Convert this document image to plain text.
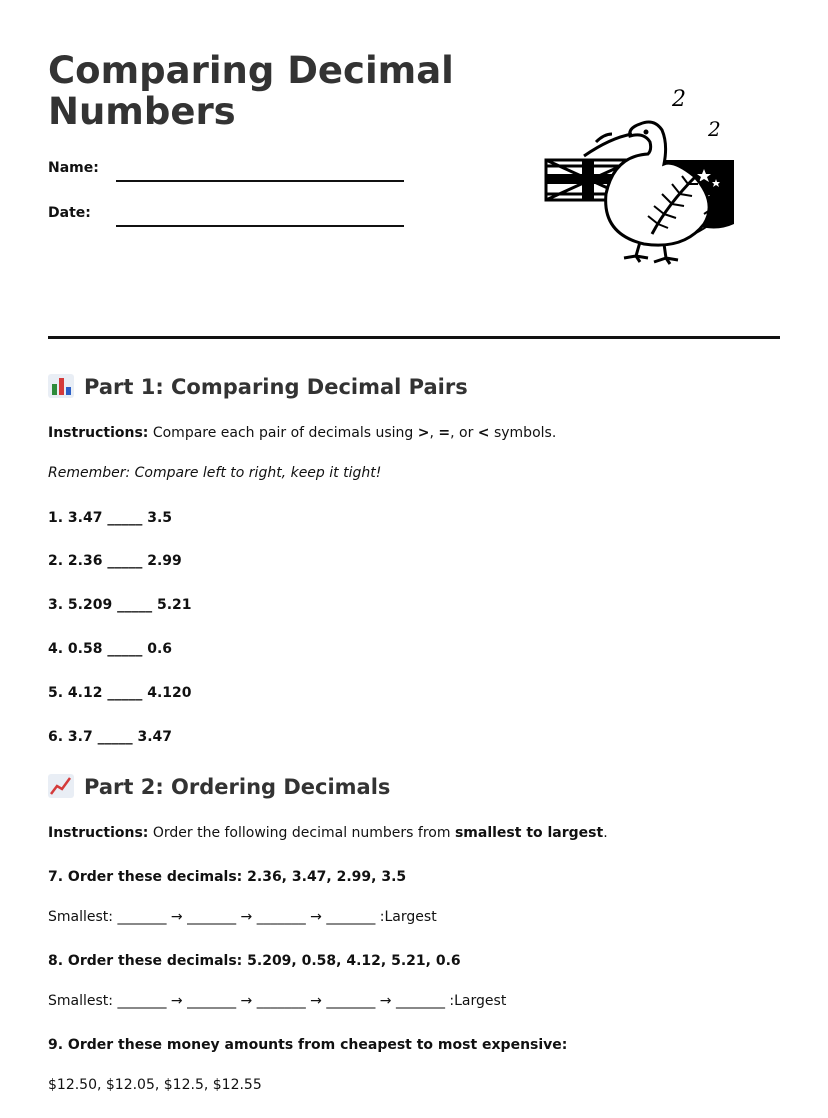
Comparing Decimal Numbers
Name:
Date:
2
2
Part 1: Comparing Decimal Pairs
Instructions: Compare each pair of decimals using >, =, or < symbols.
Remember: Compare left to right, keep it tight!
1. 3.47 _____ 3.5
2. 2.36 _____ 2.99
3. 5.209 _____ 5.21
4. 0.58 _____ 0.6
5. 4.12 _____ 4.120
6. 3.7 _____ 3.47
Part 2: Ordering Decimals
Instructions: Order the following decimal numbers from smallest to largest.
7. Order these decimals: 2.36, 3.47, 2.99, 3.5
Smallest: _______ → _______ → _______ → _______ :Largest
8. Order these decimals: 5.209, 0.58, 4.12, 5.21, 0.6
Smallest: _______ → _______ → _______ → _______ → _______ :Largest
9. Order these money amounts from cheapest to most expensive:
$12.50, $12.05, $12.5, $12.55
